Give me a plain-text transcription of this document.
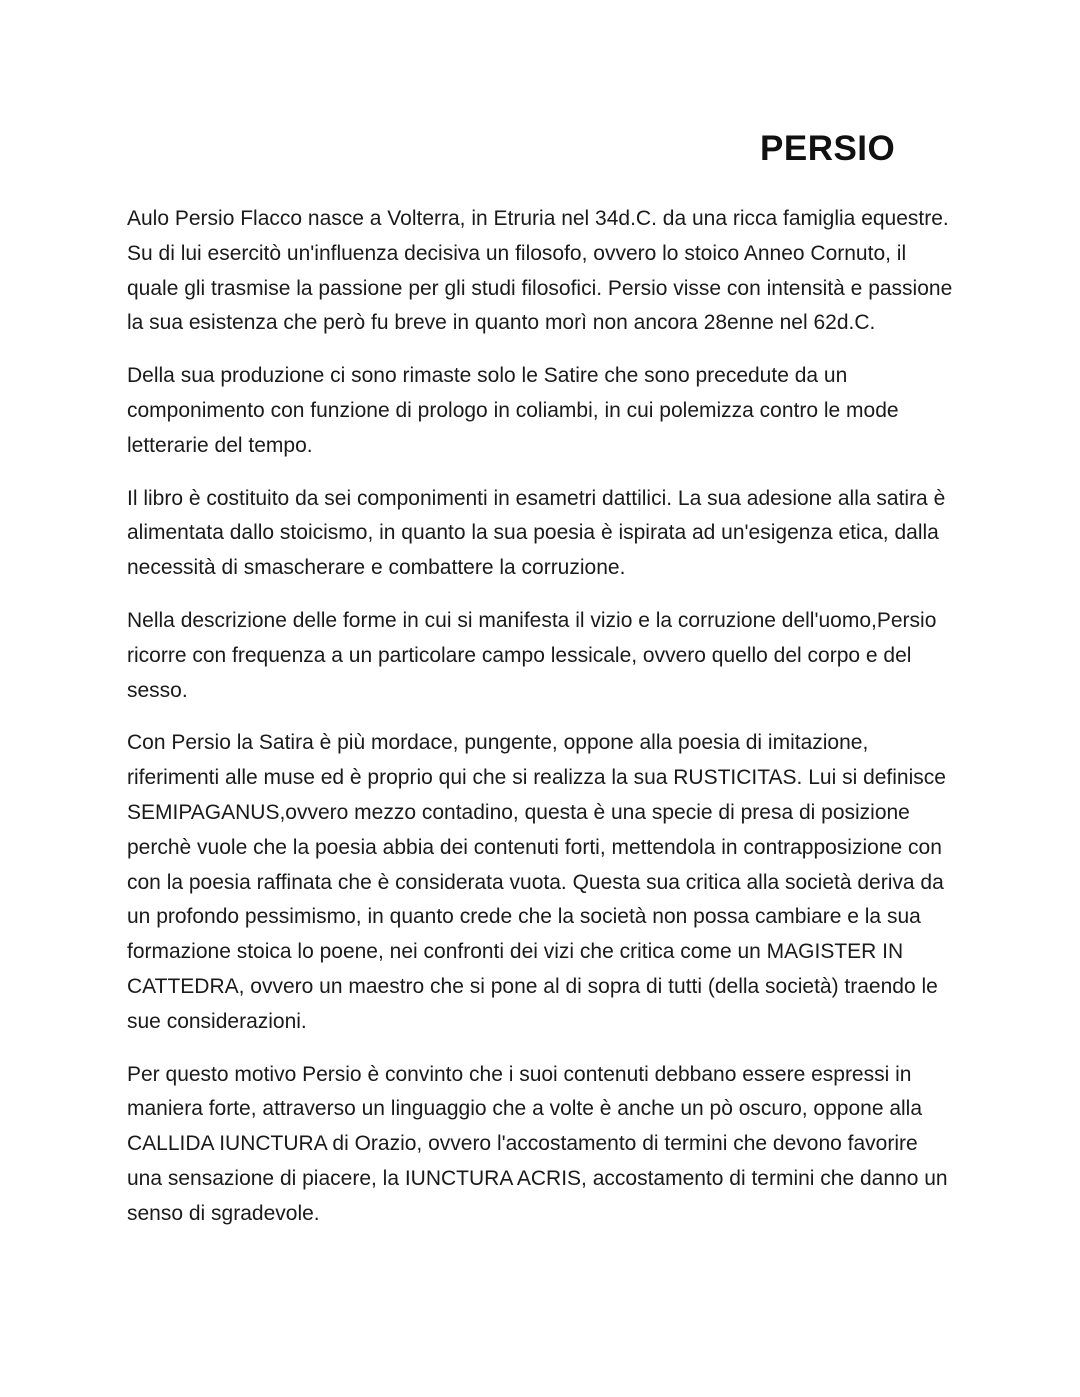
PERSIO

Aulo Persio Flacco nasce a Volterra, in Etruria nel 34d.C. da una ricca famiglia equestre. Su di lui esercitò un'influenza decisiva un filosofo, ovvero lo stoico Anneo Cornuto, il quale gli trasmise la passione per gli studi filosofici. Persio visse con intensità e passione la sua esistenza che però fu breve in quanto morì non ancora 28enne nel 62d.C.

Della sua produzione ci sono rimaste solo le Satire che sono precedute da un componimento con funzione di prologo in coliambi, in cui polemizza contro le mode letterarie del tempo.

Il libro è costituito da sei componimenti in esametri dattilici. La sua adesione alla satira è alimentata dallo stoicismo, in quanto la sua poesia è ispirata ad un'esigenza etica, dalla necessità di smascherare e combattere la corruzione.

Nella descrizione delle forme in cui si manifesta il vizio e la corruzione dell'uomo,Persio ricorre con frequenza a un particolare campo lessicale, ovvero quello del corpo e del sesso.

Con Persio la Satira è più mordace, pungente, oppone alla poesia di imitazione, riferimenti alle muse ed è proprio qui che si realizza la sua RUSTICITAS. Lui si definisce SEMIPAGANUS,ovvero mezzo contadino, questa è una specie di presa di posizione perchè vuole che la poesia abbia dei contenuti forti, mettendola in contrapposizione con con la poesia raffinata che è considerata vuota. Questa sua critica alla società deriva da un profondo pessimismo, in quanto crede che la società non possa cambiare e la sua formazione stoica lo poene, nei confronti dei vizi che critica come un MAGISTER IN CATTEDRA, ovvero un maestro che si pone al di sopra di tutti (della società) traendo le sue considerazioni.

Per questo motivo Persio è convinto che i suoi contenuti debbano essere espressi in maniera forte, attraverso un linguaggio che a volte è anche un pò oscuro, oppone alla CALLIDA IUNCTURA di Orazio, ovvero l'accostamento di termini che devono favorire una sensazione di piacere, la IUNCTURA ACRIS, accostamento di termini che danno un senso di sgradevole.
